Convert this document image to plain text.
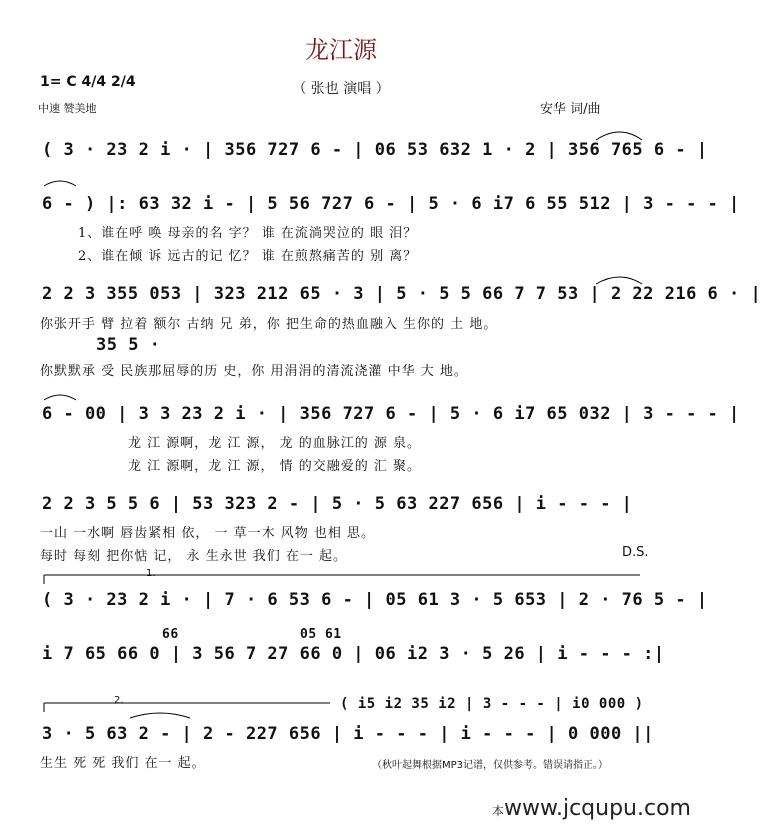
龙江源
（ 张也 演唱 ）
1= C 4/4 2/4
中速 赞美地	安华 词/曲
( 3 · 23 2 i · | 356 727 6 - | 06 53 632 1 · 2 | 356 765 6 - |
6 - ) |: 63 32 i - | 5 56 727 6 - | 5 · 6 i7 6 55 512 | 3 - - - |
1、谁在呼 唤 母亲的名 字？ 谁 在流淌哭泣的 眼 泪？
2、谁在倾 诉 远古的记 忆？ 谁 在煎熬痛苦的 别 离？
2 2 3 355 053 | 323 212 65 · 3 | 5 · 5 5 66 7 7 53 | 2 22 216 6 · |
你张开手 臂 拉着 额尔 古纳 兄 弟，你 把生命的热血融入 生你的 土 地。
35 5 ·
你默默承 受 民族那屈辱的历 史，你 用涓涓的清流浇灌 中华 大 地。
6 - 00 | 3 3 23 2 i · | 356 727 6 - | 5 · 6 i7 65 032 | 3 - - - |
龙 江 源啊，龙 江 源， 龙 的血脉江的 源 泉。
龙 江 源啊，龙 江 源， 情 的交融爱的 汇 聚。
2 2 3 5 5 6 | 53 323 2 - | 5 · 5 63 227 656 | i - - - |
一山 一水啊 唇齿紧相 依， 一 草一木 风物 也相 思。
每时 每刻 把你惦 记， 永 生永世 我们 在一 起。	D.S.
1.
( 3 · 23 2 i · | 7 · 6 53 6 - | 05 61 3 · 5 653 | 2 · 76 5 - |
66	05 61
i 7 65 66 0 | 3 56 7 27 66 0 | 06 i2 3 · 5 26 | i - - - :|
2.	( i5 i2 35 i2 | 3 - - - | i0 000 )
3 · 5 63 2 - | 2 - 227 656 | i - - - | i - - - | 0 000 ||
生生 死 死 我们 在一 起。	（秋叶起舞根据MP3记谱，仅供参考。错误请指正。）
本www.jcqupu.com
